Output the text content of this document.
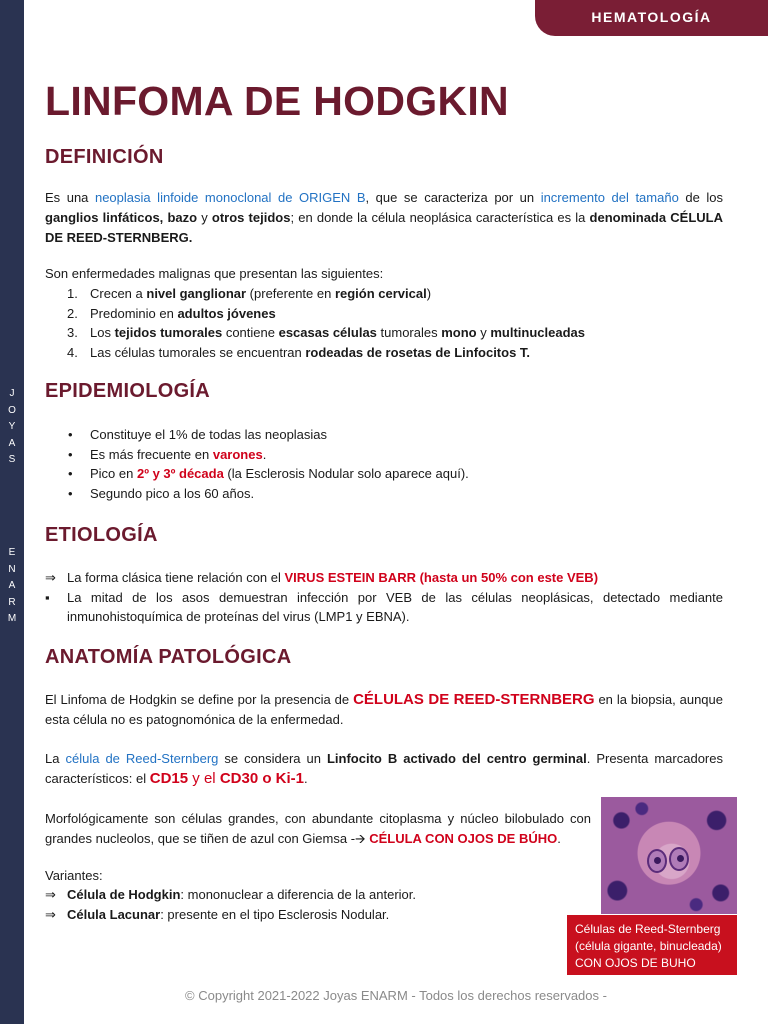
J
O
Y
A
S
E
N
A
R
M
HEMATOLOGÍA
LINFOMA DE HODGKIN
DEFINICIÓN

Es una neoplasia linfoide monoclonal de ORIGEN B, que se caracteriza por un incremento del tamaño de los ganglios linfáticos, bazo y otros tejidos; en donde la célula neoplásica característica es la denominada CÉLULA DE REED-STERNBERG.

Son enfermedades malignas que presentan las siguientes:

1. Crecen a nivel ganglionar (preferente en región cervical)
2. Predominio en adultos jóvenes
3. Los tejidos tumorales contiene escasas células tumorales mono y multinucleadas
4. Las células tumorales se encuentran rodeadas de rosetas de Linfocitos T.
EPIDEMIOLOGÍA
•	Constituye el 1% de todas las neoplasias
•	Es más frecuente en varones.
•	Pico en 2º y 3º década (la Esclerosis Nodular solo aparece aquí).
•	Segundo pico a los 60 años.
ETIOLOGÍA
⇒ La forma clásica tiene relación con el VIRUS ESTEIN BARR (hasta un 50% con este VEB)
▪	La mitad de los asos demuestran infección por VEB de las células neoplásicas, detectado mediante inmunohistoquímica de proteínas del virus (LMP1 y EBNA).
ANATOMÍA PATOLÓGICA

El Linfoma de Hodgkin se define por la presencia de CÉLULAS DE REED-STERNBERG en la biopsia, aunque esta célula no es patognomónica de la enfermedad.

La célula de Reed-Sternberg se considera un Linfocito B activado del centro germinal. Presenta marcadores característicos: el CD15 y el CD30 o Ki-1.

Morfológicamente son células grandes, con abundante citoplasma y núcleo bilobulado con grandes nucleolos, que se tiñen de azul con Giemsa -🡪 CÉLULA CON OJOS DE BÚHO.

Variantes:

⇒ Célula de Hodgkin: mononuclear a diferencia de la anterior.
⇒ Célula Lacunar: presente en el tipo Esclerosis Nodular.
Células de Reed-Sternberg
(célula gigante, binucleada)
CON OJOS DE BUHO
© Copyright 2021-2022 Joyas ENARM - Todos los derechos reservados -
